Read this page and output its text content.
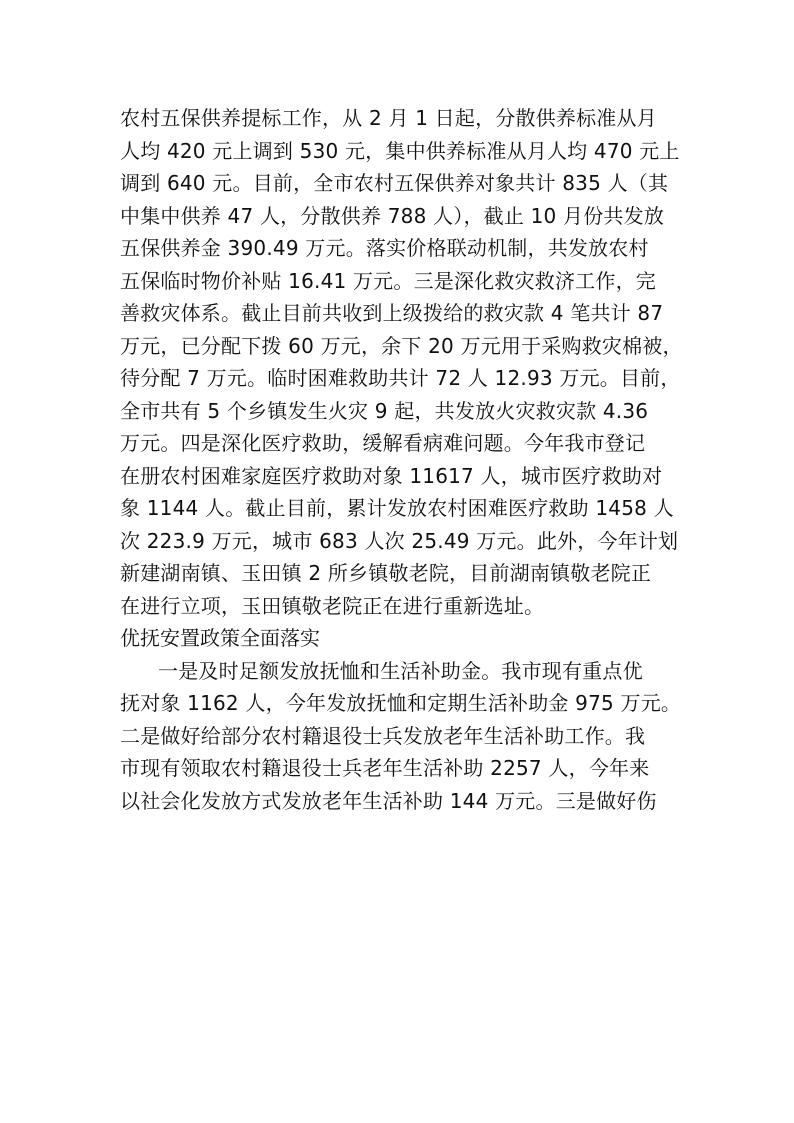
农村五保供养提标工作，从 2 月 1 日起，分散供养标准从月
人均 420 元上调到 530 元，集中供养标准从月人均 470 元上
调到 640 元。目前，全市农村五保供养对象共计 835 人（其
中集中供养 47 人，分散供养 788 人），截止 10 月份共发放
五保供养金 390.49 万元。落实价格联动机制，共发放农村
五保临时物价补贴 16.41 万元。三是深化救灾救济工作，完
善救灾体系。截止目前共收到上级拨给的救灾款 4 笔共计 87
万元，已分配下拨 60 万元，余下 20 万元用于采购救灾棉被，
待分配 7 万元。临时困难救助共计 72 人 12.93 万元。目前，
全市共有 5 个乡镇发生火灾 9 起，共发放火灾救灾款 4.36
万元。四是深化医疗救助，缓解看病难问题。今年我市登记
在册农村困难家庭医疗救助对象 11617 人，城市医疗救助对
象 1144 人。截止目前，累计发放农村困难医疗救助 1458 人
次 223.9 万元，城市 683 人次 25.49 万元。此外，今年计划
新建湖南镇、玉田镇 2 所乡镇敬老院，目前湖南镇敬老院正
在进行立项，玉田镇敬老院正在进行重新选址。
优抚安置政策全面落实
一是及时足额发放抚恤和生活补助金。我市现有重点优
抚对象 1162 人，今年发放抚恤和定期生活补助金 975 万元。
二是做好给部分农村籍退役士兵发放老年生活补助工作。我
市现有领取农村籍退役士兵老年生活补助 2257 人，今年来
以社会化发放方式发放老年生活补助 144 万元。三是做好伤
